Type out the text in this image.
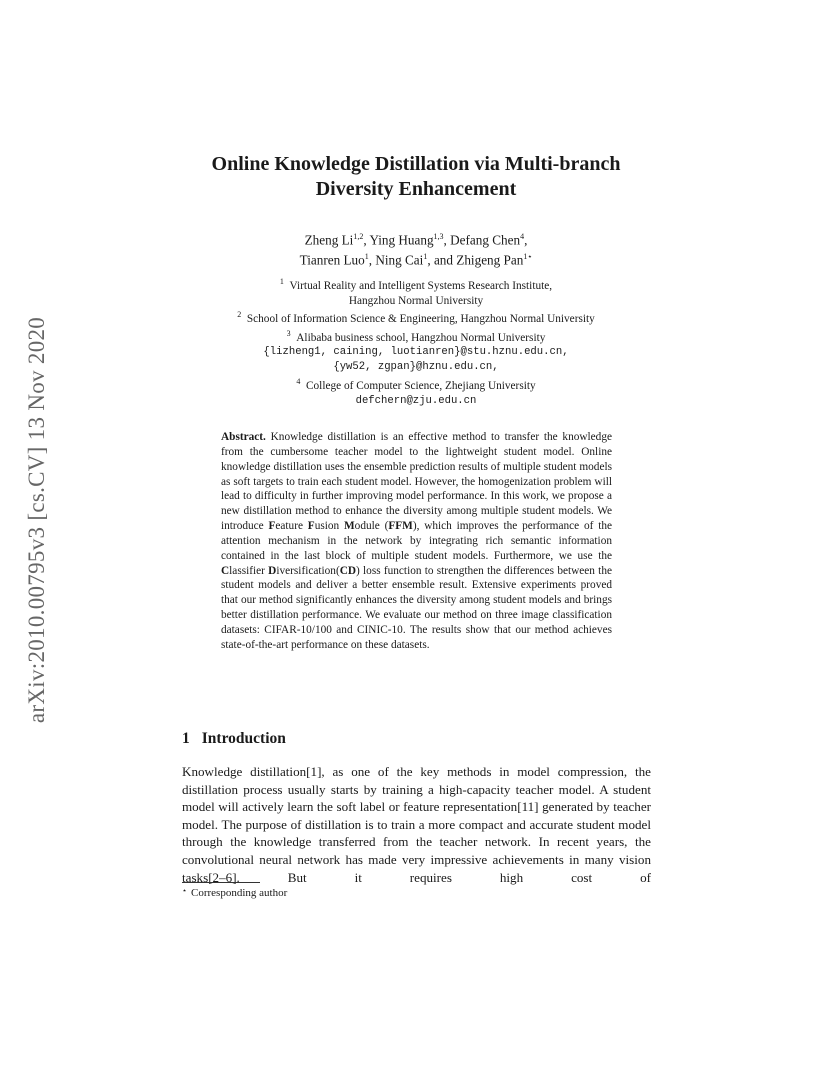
arXiv:2010.00795v3 [cs.CV] 13 Nov 2020
Online Knowledge Distillation via Multi-branch
Diversity Enhancement
Zheng Li$^{1,2}$, Ying Huang$^{1,3}$, Defang Chen$^4$,
Tianren Luo$^1$, Ning Cai$^1$, and Zhigeng Pan$^{1⋆}$
$^1$ Virtual Reality and Intelligent Systems Research Institute,
Hangzhou Normal University
$^2$ School of Information Science & Engineering, Hangzhou Normal University
$^3$ Alibaba business school, Hangzhou Normal University
{lizheng1, caining, luotianren}@stu.hznu.edu.cn,
{yw52, zgpan}@hznu.edu.cn,
$^4$ College of Computer Science, Zhejiang University
defchern@zju.edu.cn
Abstract. Knowledge distillation is an effective method to transfer the knowledge from the cumbersome teacher model to the lightweight student model. Online knowledge distillation uses the ensemble prediction results of multiple student models as soft targets to train each student model. However, the homogenization problem will lead to difficulty in further improving model performance. In this work, we propose a new distillation method to enhance the diversity among multiple student models. We introduce Feature Fusion Module (FFM), which improves the performance of the attention mechanism in the network by integrating rich semantic information contained in the last block of multiple student models. Furthermore, we use the Classifier Diversification(CD) loss function to strengthen the differences between the student models and deliver a better ensemble result. Extensive experiments proved that our method significantly enhances the diversity among student models and brings better distillation performance. We evaluate our method on three image classification datasets: CIFAR-10/100 and CINIC-10. The results show that our method achieves state-of-the-art performance on these datasets.
1 Introduction
Knowledge distillation[1], as one of the key methods in model compression, the distillation process usually starts by training a high-capacity teacher model. A student model will actively learn the soft label or feature representation[11] generated by teacher model. The purpose of distillation is to train a more compact and accurate student model through the knowledge transferred from the teacher network. In recent years, the convolutional neural network has made very impressive achievements in many vision tasks[2–6]. But it requires high cost of
⋆ Corresponding author
